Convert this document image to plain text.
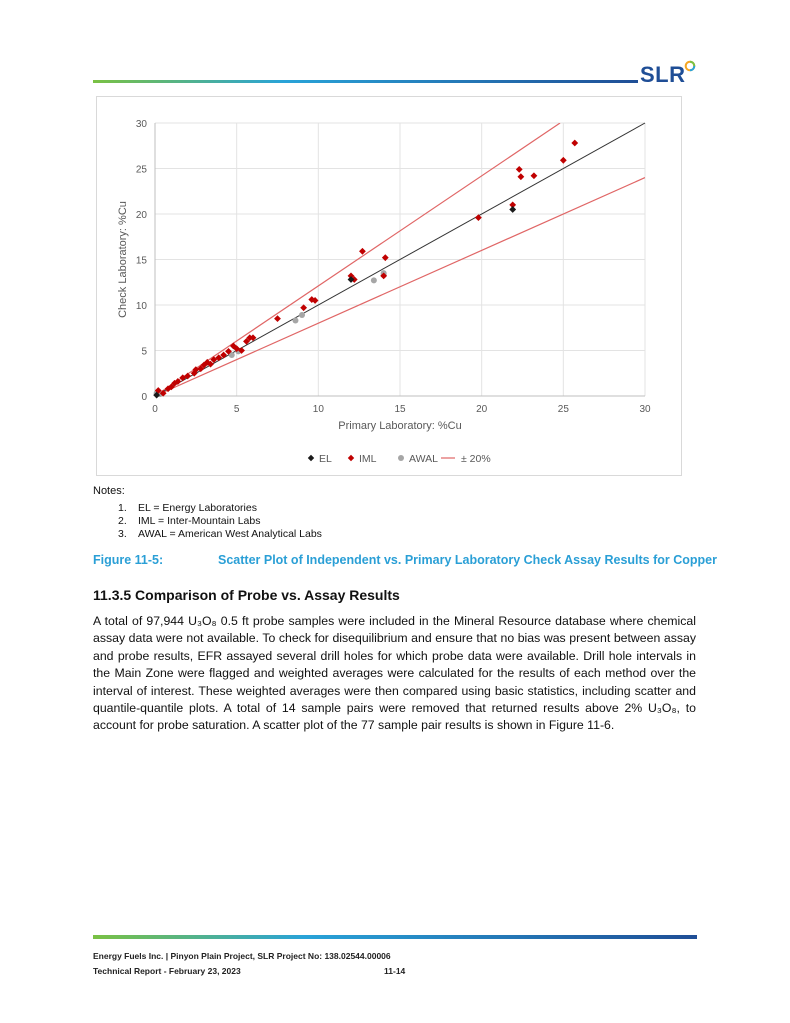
SLR
0
5
10
15
20
25
30
0	5	10	15	20	25	30
Primary Laboratory: %Cu
Check Laboratory: %Cu
EL	IML	AWAL ± 20%
Notes:
1. EL = Energy Laboratories
2. IML = Inter-Mountain Labs
3. AWAL = American West Analytical Labs
Figure 11-5:	Scatter Plot of Independent vs. Primary Laboratory Check Assay Results for Copper
11.3.5 Comparison of Probe vs. Assay Results

A total of 97,944 U₃O₈ 0.5 ft probe samples were included in the Mineral Resource database where chemical assay data were not available. To check for disequilibrium and ensure that no bias was present between assay and probe results, EFR assayed several drill holes for which probe data were available. Drill hole intervals in the Main Zone were flagged and weighted averages were calculated for the results of each method over the interval of interest. These weighted averages were then compared using basic statistics, including scatter and quantile-quantile plots. A total of 14 sample pairs were removed that returned results above 2% U₃O₈, to account for probe saturation. A scatter plot of the 77 sample pair results is shown in Figure 11-6.

Energy Fuels Inc. | Pinyon Plain Project, SLR Project No: 138.02544.00006
Technical Report - February 23, 2023	11-14
